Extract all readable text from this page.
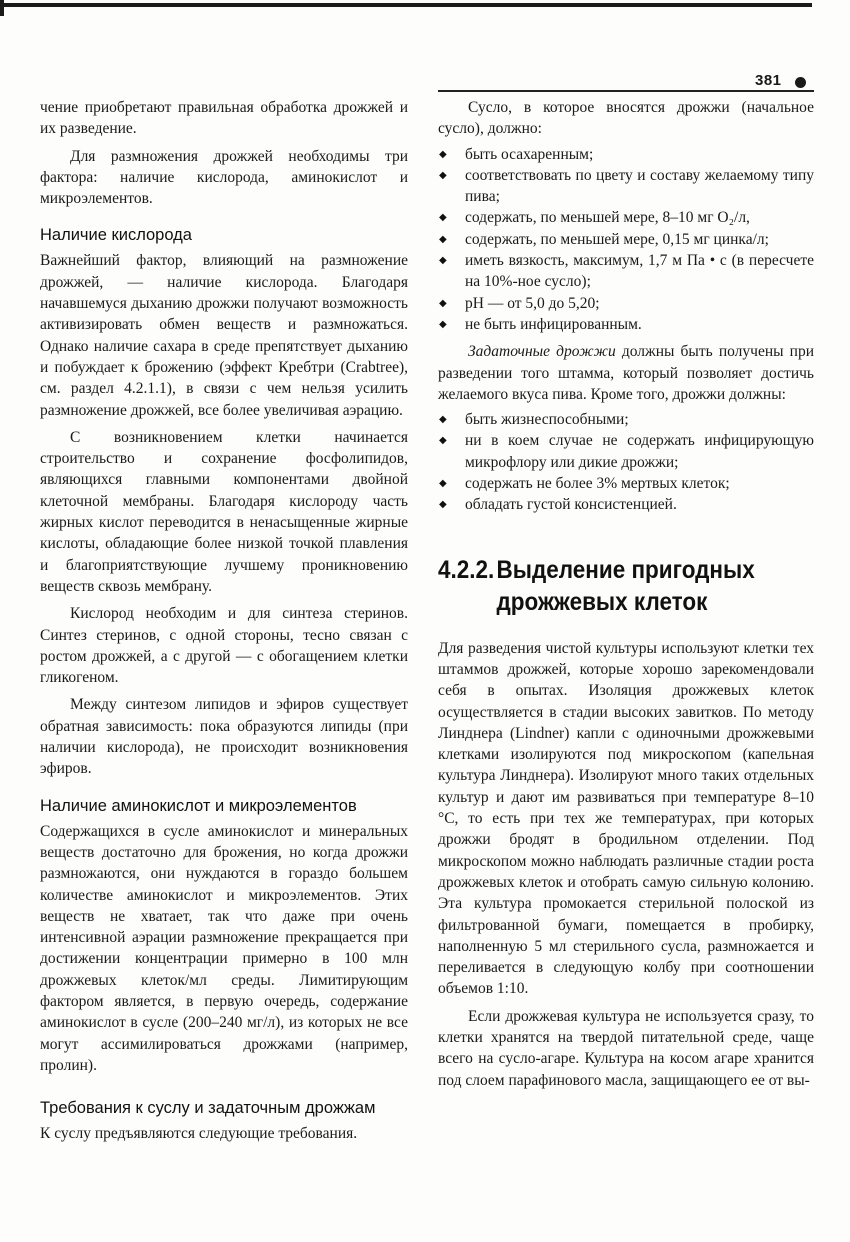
381

чение приобретают правильная обработка дрожжей и их разведение.

Для размножения дрожжей необходимы три фактора: наличие кислорода, аминокислот и микроэлементов.

Наличие кислорода

Важнейший фактор, влияющий на размножение дрожжей, — наличие кислорода. Благодаря начавшемуся дыханию дрожжи получают возможность активизировать обмен веществ и размножаться. Однако наличие сахара в среде препятствует дыханию и побуждает к брожению (эффект Кребтри (Crabtree), см. раздел 4.2.1.1), в связи с чем нельзя усилить размножение дрожжей, все более увеличивая аэрацию.

С возникновением клетки начинается строительство и сохранение фосфолипидов, являющихся главными компонентами двойной клеточной мембраны. Благодаря кислороду часть жирных кислот переводится в ненасыщенные жирные кислоты, обладающие более низкой точкой плавления и благоприятствующие лучшему проникновению веществ сквозь мембрану.

Кислород необходим и для синтеза стеринов. Синтез стеринов, с одной стороны, тесно связан с ростом дрожжей, а с другой — с обогащением клетки гликогеном.

Между синтезом липидов и эфиров существует обратная зависимость: пока образуются липиды (при наличии кислорода), не происходит возникновения эфиров.

Наличие аминокислот и микроэлементов

Содержащихся в сусле аминокислот и минеральных веществ достаточно для брожения, но когда дрожжи размножаются, они нуждаются в гораздо большем количестве аминокислот и микроэлементов. Этих веществ не хватает, так что даже при очень интенсивной аэрации размножение прекращается при достижении концентрации примерно в 100 млн дрожжевых клеток/мл среды. Лимитирующим фактором является, в первую очередь, содержание аминокислот в сусле (200–240 мг/л), из которых не все могут ассимилироваться дрожжами (например, пролин).

Требования к суслу и задаточным дрожжам

К суслу предъявляются следующие требования.

Сусло, в которое вносятся дрожжи (начальное сусло), должно:

◆ быть осахаренным;
◆ соответствовать по цвету и составу желаемому типу пива;
◆ содержать, по меньшей мере, 8–10 мг O₂/л,
◆ содержать, по меньшей мере, 0,15 мг цинка/л;
◆ иметь вязкость, максимум, 1,7 м Па • с (в пересчете на 10%-ное сусло);
◆ pH — от 5,0 до 5,20;
◆ не быть инфицированным.

Задаточные дрожжи должны быть получены при разведении того штамма, который позволяет достичь желаемого вкуса пива. Кроме того, дрожжи должны:

◆ быть жизнеспособными;
◆ ни в коем случае не содержать инфицирующую микрофлору или дикие дрожжи;
◆ содержать не более 3% мертвых клеток;
◆ обладать густой консистенцией.
4.2.2.Выделение пригодных
дрожжевых клеток

Для разведения чистой культуры используют клетки тех штаммов дрожжей, которые хорошо зарекомендовали себя в опытах. Изоляция дрожжевых клеток осуществляется в стадии высоких завитков. По методу Линднера (Lindner) капли с одиночными дрожжевыми клетками изолируются под микроскопом (капельная культура Линднера). Изолируют много таких отдельных культур и дают им развиваться при температуре 8–10 °С, то есть при тех же температурах, при которых дрожжи бродят в бродильном отделении. Под микроскопом можно наблюдать различные стадии роста дрожжевых клеток и отобрать самую сильную колонию. Эта культура промокается стерильной полоской из фильтрованной бумаги, помещается в пробирку, наполненную 5 мл стерильного сусла, размножается и переливается в следующую колбу при соотношении объемов 1:10.

Если дрожжевая культура не используется сразу, то клетки хранятся на твердой питательной среде, чаще всего на сусло-агаре. Культура на косом агаре хранится под слоем парафинового масла, защищающего ее от вы-
